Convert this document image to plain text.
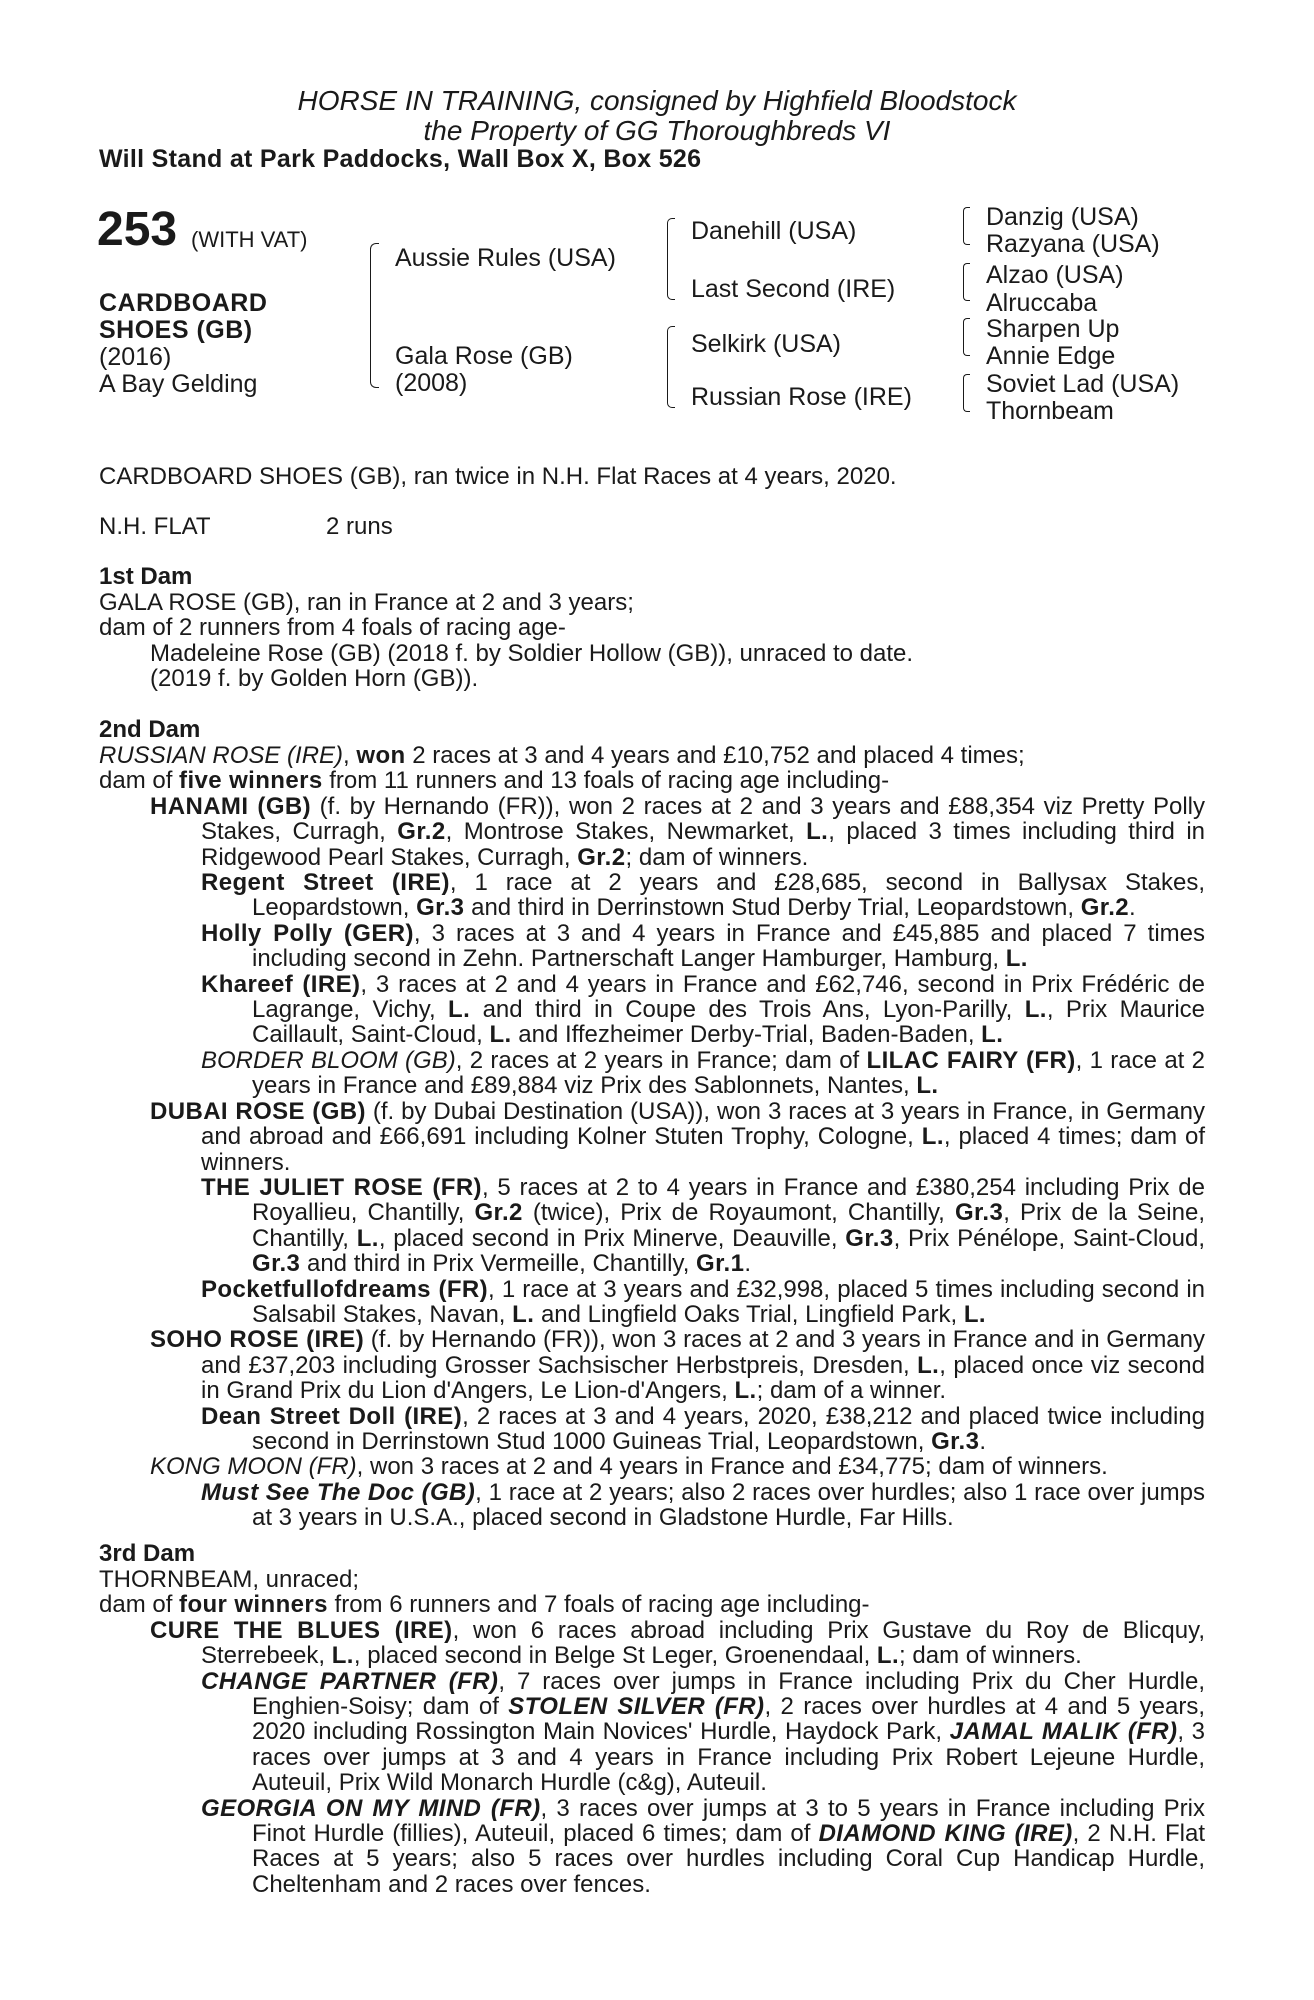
HORSE IN TRAINING, consigned by Highfield Bloodstock
the Property of GG Thoroughbreds VI
Will Stand at Park Paddocks, Wall Box X, Box 526
253 (WITH VAT)
CARDBOARD
SHOES (GB)
(2016)
A Bay Gelding
Aussie Rules (USA)
Gala Rose (GB)
(2008)
Danehill (USA)
Last Second (IRE)
Selkirk (USA)
Russian Rose (IRE)
Danzig (USA)
Razyana (USA)
Alzao (USA)
Alruccaba
Sharpen Up
Annie Edge
Soviet Lad (USA)
Thornbeam
CARDBOARD SHOES (GB), ran twice in N.H. Flat Races at 4 years, 2020.
N.H. FLAT	2 runs
1st Dam

GALA ROSE (GB), ran in France at 2 and 3 years;

dam of 2 runners from 4 foals of racing age-

Madeleine Rose (GB) (2018 f. by Soldier Hollow (GB)), unraced to date.

(2019 f. by Golden Horn (GB)).

2nd Dam

RUSSIAN ROSE (IRE), won 2 races at 3 and 4 years and £10,752 and placed 4 times;

dam of five winners from 11 runners and 13 foals of racing age including-

HANAMI (GB) (f. by Hernando (FR)), won 2 races at 2 and 3 years and £88,354 viz Pretty Polly Stakes, Curragh, Gr.2, Montrose Stakes, Newmarket, L., placed 3 times including third in Ridgewood Pearl Stakes, Curragh, Gr.2; dam of winners.

Regent Street (IRE), 1 race at 2 years and £28,685, second in Ballysax Stakes, Leopardstown, Gr.3 and third in Derrinstown Stud Derby Trial, Leopardstown, Gr.2.

Holly Polly (GER), 3 races at 3 and 4 years in France and £45,885 and placed 7 times including second in Zehn. Partnerschaft Langer Hamburger, Hamburg, L.

Khareef (IRE), 3 races at 2 and 4 years in France and £62,746, second in Prix Frédéric de Lagrange, Vichy, L. and third in Coupe des Trois Ans, Lyon-Parilly, L., Prix Maurice Caillault, Saint-Cloud, L. and Iffezheimer Derby-Trial, Baden-Baden, L.

BORDER BLOOM (GB), 2 races at 2 years in France; dam of LILAC FAIRY (FR), 1 race at 2 years in France and £89,884 viz Prix des Sablonnets, Nantes, L.

DUBAI ROSE (GB) (f. by Dubai Destination (USA)), won 3 races at 3 years in France, in Germany and abroad and £66,691 including Kolner Stuten Trophy, Cologne, L., placed 4 times; dam of winners.

THE JULIET ROSE (FR), 5 races at 2 to 4 years in France and £380,254 including Prix de Royallieu, Chantilly, Gr.2 (twice), Prix de Royaumont, Chantilly, Gr.3, Prix de la Seine, Chantilly, L., placed second in Prix Minerve, Deauville, Gr.3, Prix Pénélope, Saint-Cloud, Gr.3 and third in Prix Vermeille, Chantilly, Gr.1.

Pocketfullofdreams (FR), 1 race at 3 years and £32,998, placed 5 times including second in Salsabil Stakes, Navan, L. and Lingfield Oaks Trial, Lingfield Park, L.

SOHO ROSE (IRE) (f. by Hernando (FR)), won 3 races at 2 and 3 years in France and in Germany and £37,203 including Grosser Sachsischer Herbstpreis, Dresden, L., placed once viz second in Grand Prix du Lion d'Angers, Le Lion-d'Angers, L.; dam of a winner.

Dean Street Doll (IRE), 2 races at 3 and 4 years, 2020, £38,212 and placed twice including second in Derrinstown Stud 1000 Guineas Trial, Leopardstown, Gr.3.

KONG MOON (FR), won 3 races at 2 and 4 years in France and £34,775; dam of winners.

Must See The Doc (GB), 1 race at 2 years; also 2 races over hurdles; also 1 race over jumps at 3 years in U.S.A., placed second in Gladstone Hurdle, Far Hills.

3rd Dam

THORNBEAM, unraced;

dam of four winners from 6 runners and 7 foals of racing age including-

CURE THE BLUES (IRE), won 6 races abroad including Prix Gustave du Roy de Blicquy, Sterrebeek, L., placed second in Belge St Leger, Groenendaal, L.; dam of winners.

CHANGE PARTNER (FR), 7 races over jumps in France including Prix du Cher Hurdle, Enghien-Soisy; dam of STOLEN SILVER (FR), 2 races over hurdles at 4 and 5 years, 2020 including Rossington Main Novices' Hurdle, Haydock Park, JAMAL MALIK (FR), 3 races over jumps at 3 and 4 years in France including Prix Robert Lejeune Hurdle, Auteuil, Prix Wild Monarch Hurdle (c&g), Auteuil.

GEORGIA ON MY MIND (FR), 3 races over jumps at 3 to 5 years in France including Prix Finot Hurdle (fillies), Auteuil, placed 6 times; dam of DIAMOND KING (IRE), 2 N.H. Flat Races at 5 years; also 5 races over hurdles including Coral Cup Handicap Hurdle, Cheltenham and 2 races over fences.
